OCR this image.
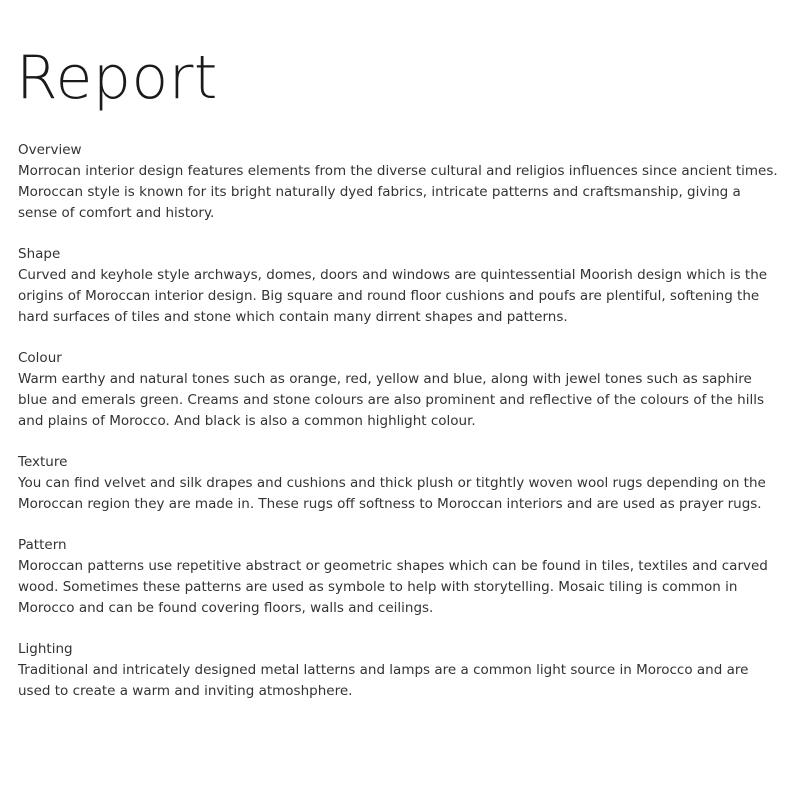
Report

Overview

Morrocan interior design features elements from the diverse cultural and religios influences since ancient times. Moroccan style is known for its bright naturally dyed fabrics, intricate patterns and craftsmanship, giving a sense of comfort and history.

Shape

Curved and keyhole style archways, domes, doors and windows are quintessential Moorish design which is the origins of Moroccan interior design. Big square and round floor cushions and poufs are plentiful, softening the hard surfaces of tiles and stone which contain many dirrent shapes and patterns.

Colour

Warm earthy and natural tones such as orange, red, yellow and blue, along with jewel tones such as saphire blue and emerals green. Creams and stone colours are also prominent and reflective of the colours of the hills and plains of Morocco. And black is also a common highlight colour.

Texture

You can find velvet and silk drapes and cushions and thick plush or titghtly woven wool rugs depending on the Moroccan region they are made in. These rugs off softness to Moroccan interiors and are used as prayer rugs.

Pattern

Moroccan patterns use repetitive abstract or geometric shapes which can be found in tiles, textiles and carved wood. Sometimes these patterns are used as symbole to help with storytelling. Mosaic tiling is common in Morocco and can be found covering floors, walls and ceilings.

Lighting

Traditional and intricately designed metal latterns and lamps are a common light source in Morocco and are used to create a warm and inviting atmoshphere.
